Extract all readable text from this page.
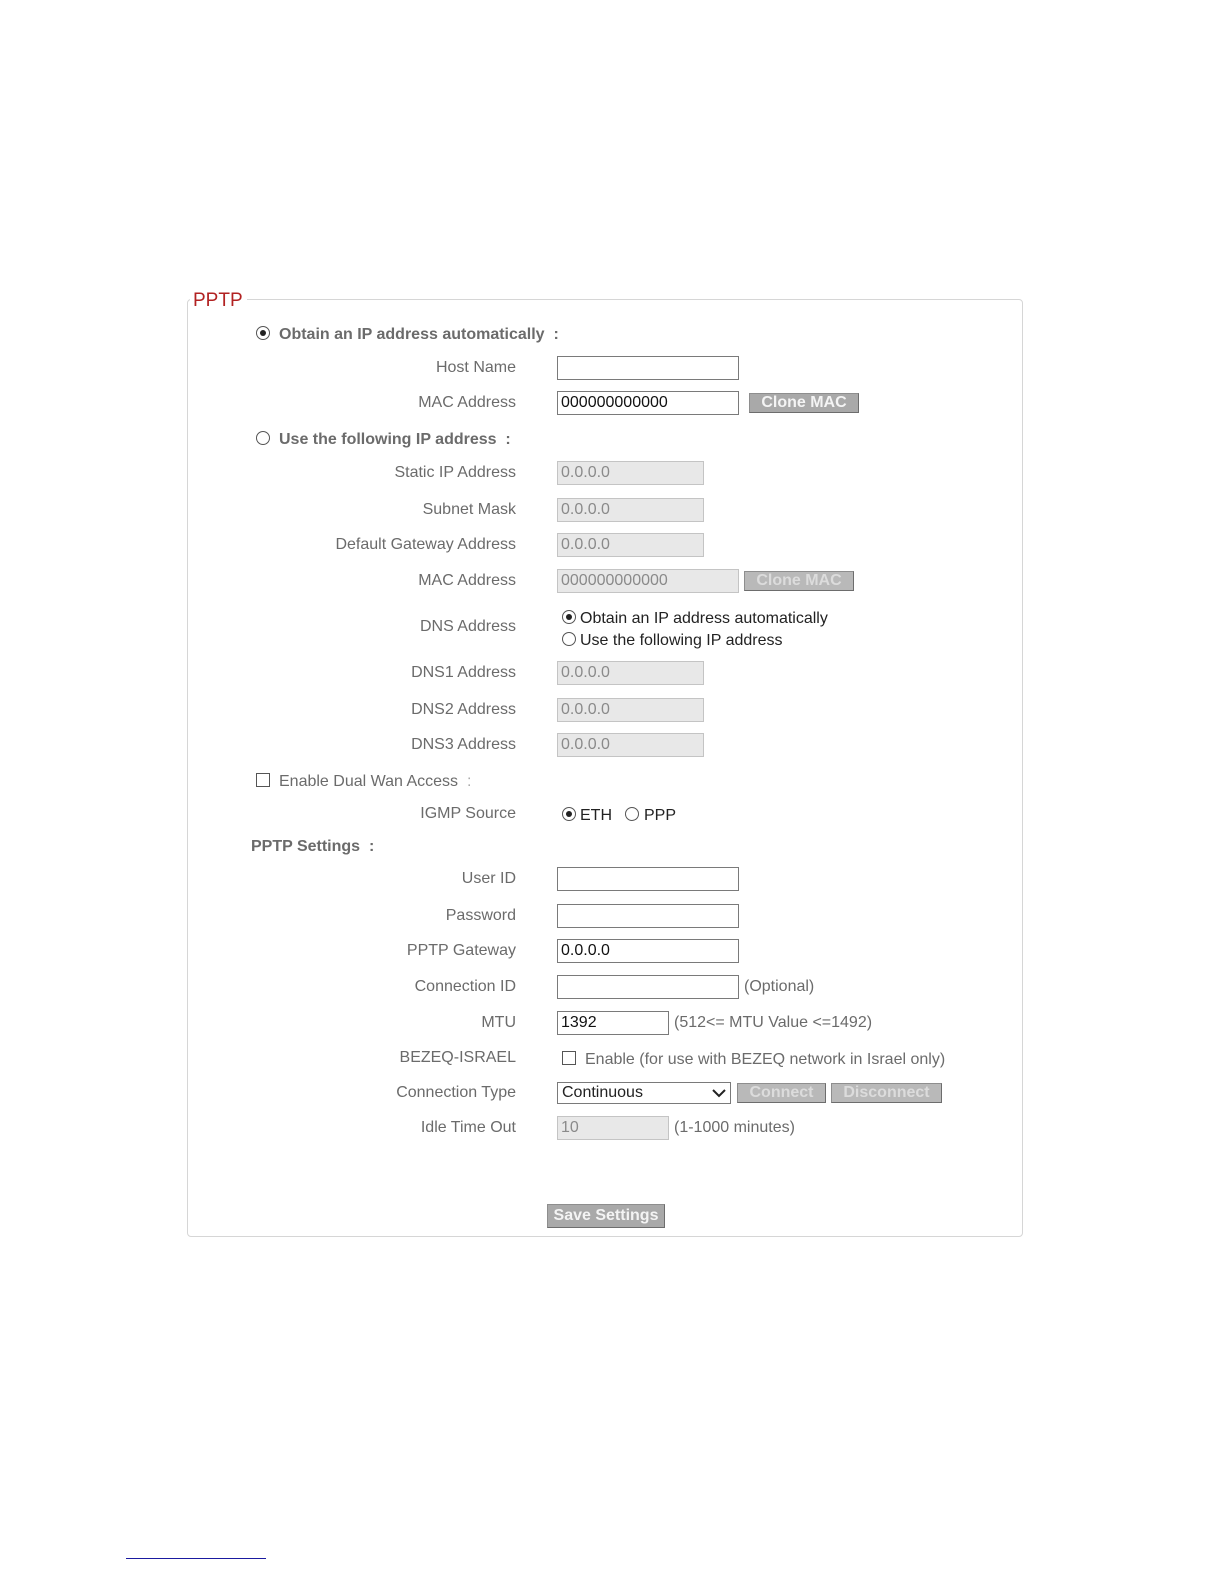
PPTP
Obtain an IP address automatically :
Host Name
MAC Address	000000000000	Clone MAC
Use the following IP address :
Static IP Address	0.0.0.0
Subnet Mask	0.0.0.0
Default Gateway Address	0.0.0.0
MAC Address	000000000000	Clone MAC
DNS Address	Obtain an IP address automatically
Use the following IP address
DNS1 Address	0.0.0.0
DNS2 Address	0.0.0.0
DNS3 Address	0.0.0.0
Enable Dual Wan Access :
IGMP Source	ETH PPP
PPTP Settings :
User ID
Password
PPTP Gateway	0.0.0.0
Connection ID	(Optional)
MTU	1392	(512<= MTU Value <=1492)
BEZEQ-ISRAEL	Enable (for use with BEZEQ network in Israel only)
Connection Type	Continuous	Connect	Disconnect
Idle Time Out	10	(1-1000 minutes)
Save Settings
